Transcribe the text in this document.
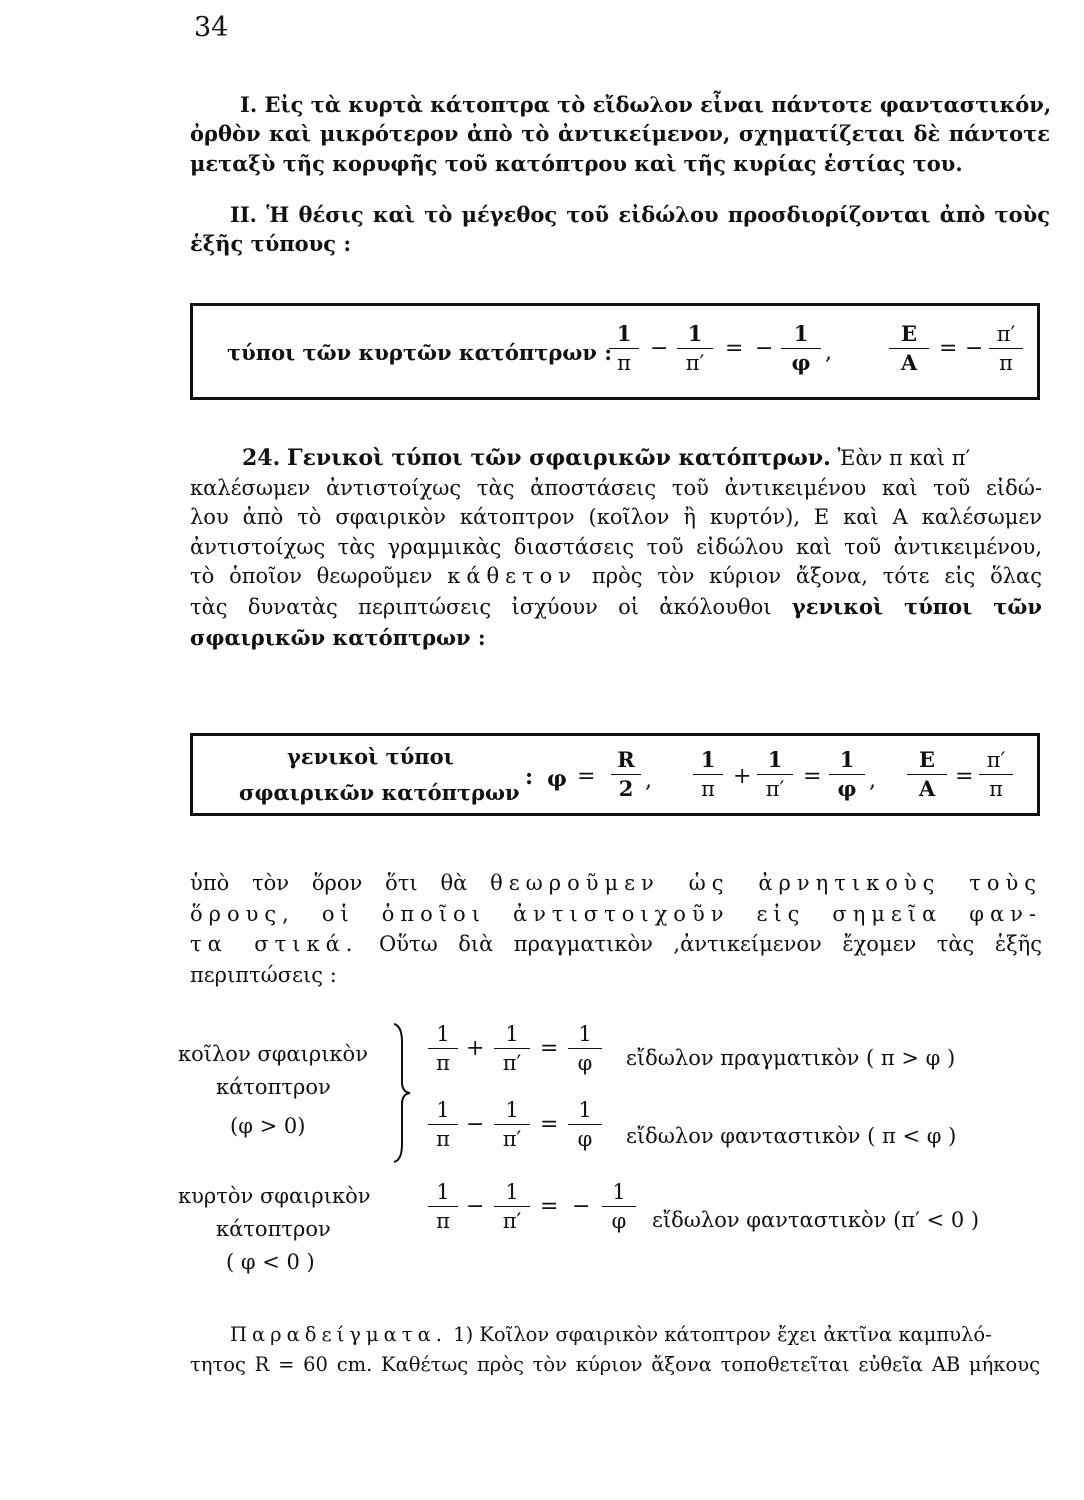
34
I. Εἰς τὰ κυρτὰ κάτοπτρα τὸ εἴδωλον εἶναι πάντοτε φανταστικόν,
ὀρθὸν καὶ μικρότερον ἀπὸ τὸ ἀντικείμενον, σχηματίζεται δὲ πάντοτε
μεταξὺ τῆς κορυφῆς τοῦ κατόπτρου καὶ τῆς κυρίας ἑστίας του.
II. Ἡ θέσις καὶ τὸ μέγεθος τοῦ εἰδώλου προσδιορίζονται ἀπὸ τοὺς
ἑξῆς τύπους :
τύποι τῶν κυρτῶν κατόπτρων :
1
π
−
1
π′
= −
1
φ ,
E
A
= −
π′
π
24. Γενικοὶ τύποι τῶν σφαιρικῶν κατόπτρων. Ἐὰν π καὶ π′
καλέσωμεν ἀντιστοίχως τὰς ἀποστάσεις τοῦ ἀντικειμένου καὶ τοῦ εἰδώ-
λου ἀπὸ τὸ σφαιρικὸν κάτοπτρον (κοῖλον ἢ κυρτόν), E καὶ A καλέσωμεν
ἀντιστοίχως τὰς γραμμικὰς διαστάσεις τοῦ εἰδώλου καὶ τοῦ ἀντικειμένου,
τὸ ὁποῖον θεωροῦμεν κάθετον πρὸς τὸν κύριον ἄξονα, τότε εἰς ὅλας
τὰς δυνατὰς περιπτώσεις ἰσχύουν οἱ ἀκόλουθοι γενικοὶ τύποι τῶν
σφαιρικῶν κατόπτρων :
γενικοὶ τύποι
σφαιρικῶν κατόπτρων
: φ =
R
2 ,
1
π +
1
π′ =
1
φ ,
E
A =
π′
π
ὑπὸ τὸν ὅρον ὅτι θὰ θεωροῦμεν ὡς ἀρνητικοὺς τοὺς
ὅρους, οἱ ὁποῖοι ἀντιστοιχοῦν εἰς σημεῖα φαν-
τα στικά. Οὕτω διὰ πραγματικὸν ,ἀντικείμενον ἔχομεν τὰς ἑξῆς
περιπτώσεις :
κοῖλον σφαιρικὸν
κάτοπτρον
(φ > 0)
1
π
+
1
π′
=
1
φ εἴδωλον πραγματικὸν ( π > φ )
1
π
−
1
π′
=
1
φ εἴδωλον φανταστικὸν ( π < φ )
κυρτὸν σφαιρικὸν
κάτοπτρον
( φ < 0 )
1
π
−
1
π′
= −
1
φ εἴδωλον φανταστικὸν (π′ < 0 )
Παραδείγματα. 1) Κοῖλον σφαιρικὸν κάτοπτρον ἔχει ἀκτῖνα καμπυλό-
τητος R = 60 cm. Καθέτως πρὸς τὸν κύριον ἄξονα τοποθετεῖται εὐθεῖα AB μήκους
